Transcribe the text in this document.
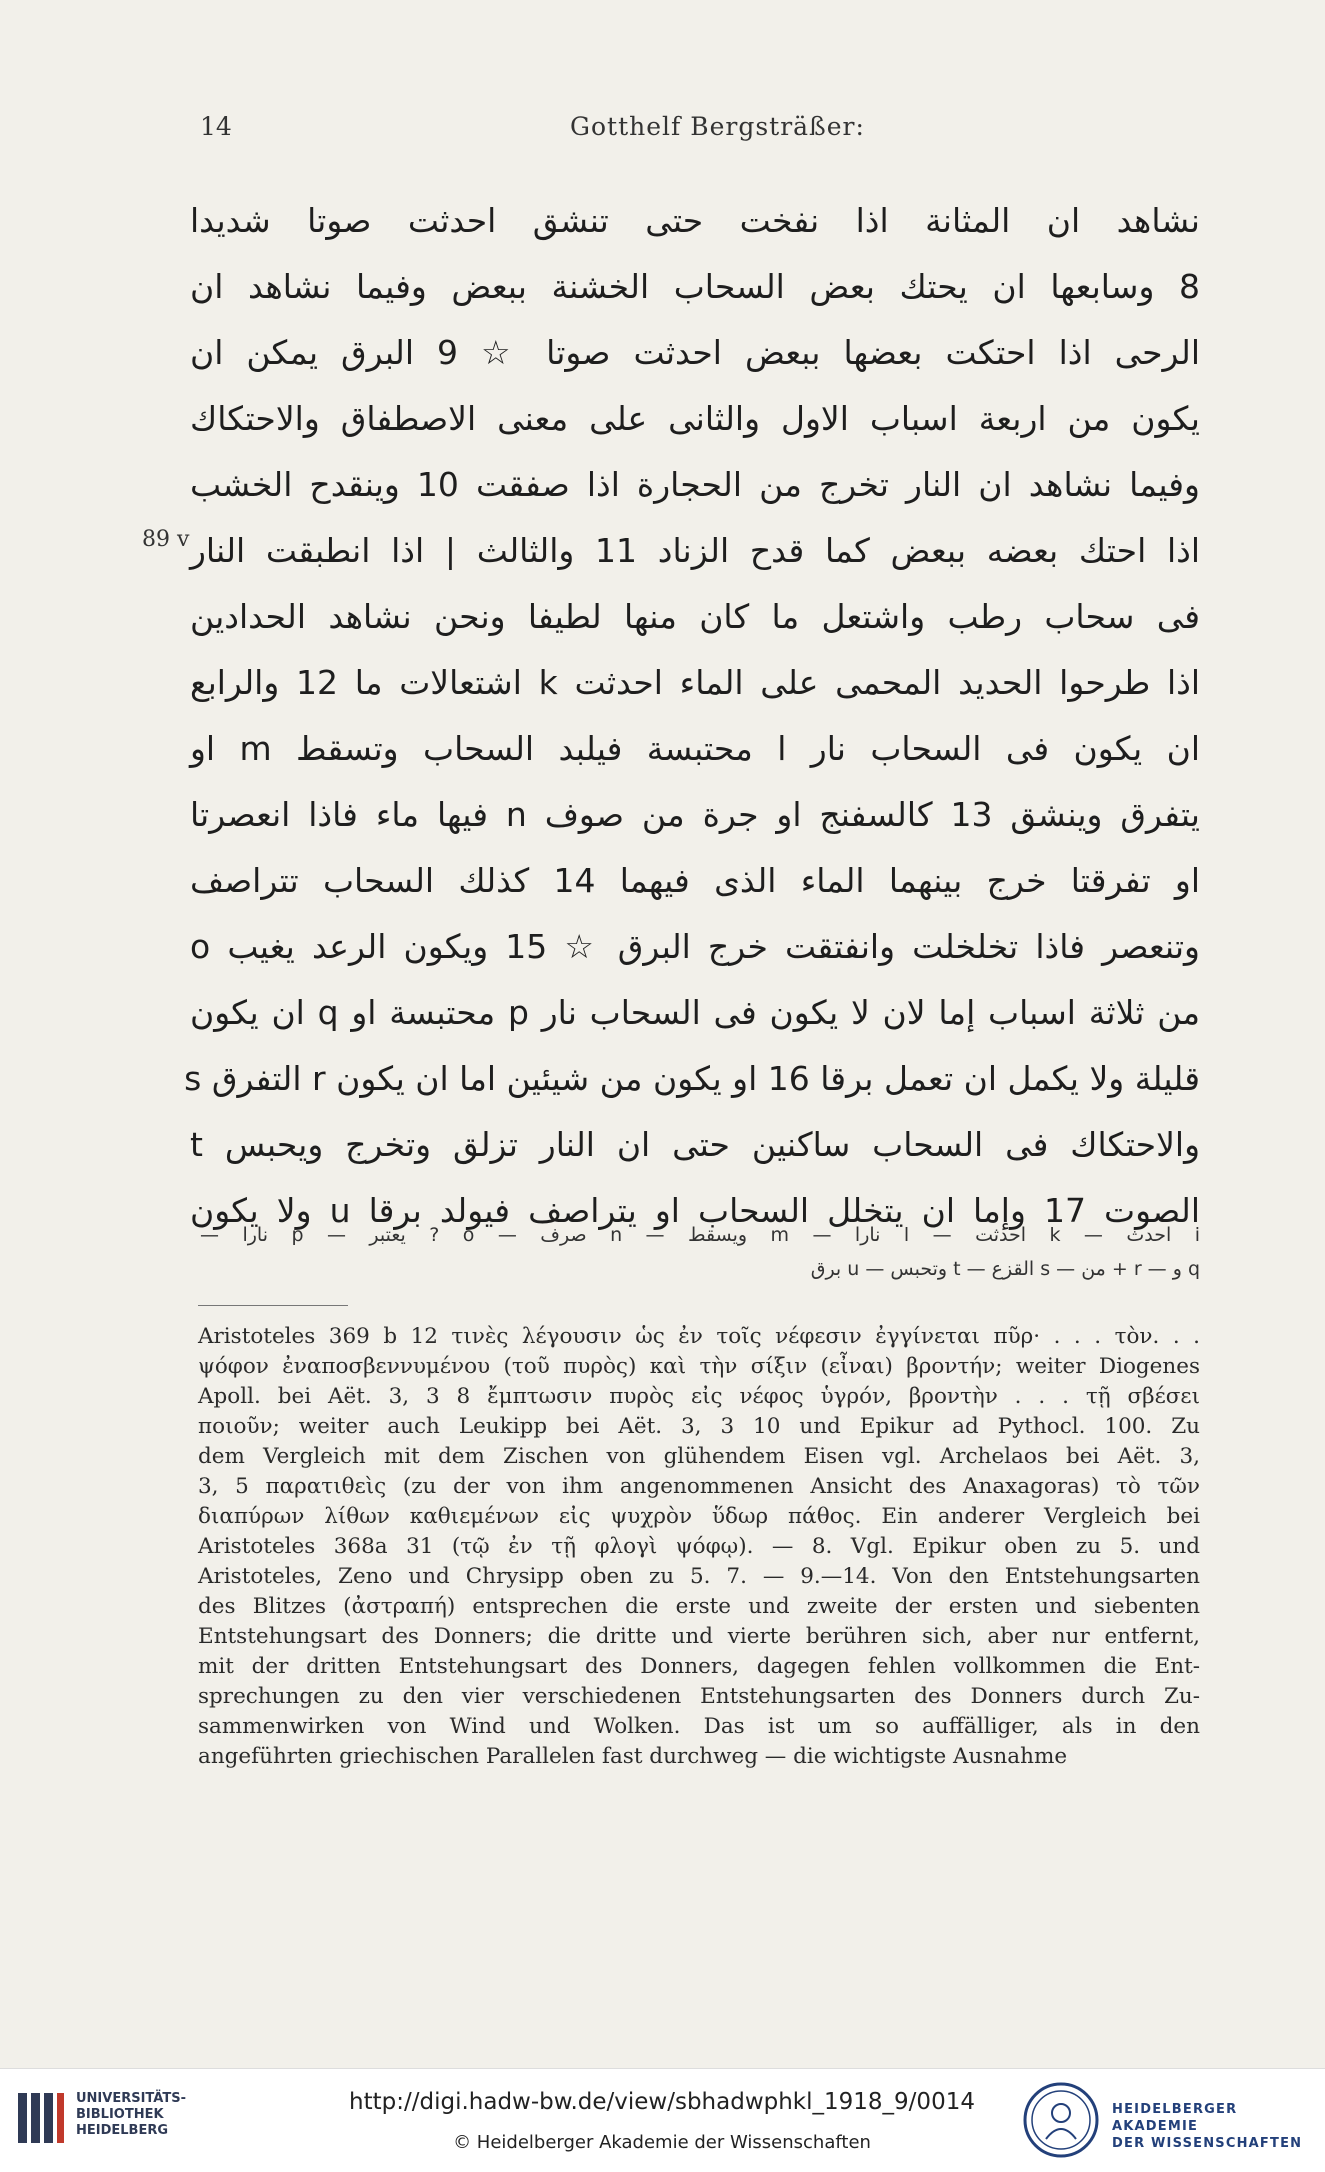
14	Gotthelf Bergsträßer:
نشاهد ان المثانة اذا نفخت حتى تنشق احدثت صوتا شديدا
8 وسابعها ان يحتك بعض السحاب الخشنة ببعض وفيما نشاهد ان
الرحى اذا احتكت بعضها ببعض احدثت صوتا ☆ 9 البرق يمكن ان
يكون من اربعة اسباب الاول والثانى على معنى الاصطفاق والاحتكاك
وفيما نشاهد ان النار تخرج من الحجارة اذا صفقت 10 وينقدح الخشب
اذا احتك بعضه ببعض كما قدح الزناد 11 والثالث | اذا انطبقت النار
فى سحاب رطب واشتعل ما كان منها لطيفا ونحن نشاهد الحدادين
اذا طرحوا الحديد المحمى على الماء احدثت k اشتعالات ما 12 والرابع
ان يكون فى السحاب نار l محتبسة فيلبد السحاب وتسقط m او
يتفرق وينشق 13 كالسفنج او جرة من صوف n فيها ماء فاذا انعصرتا
او تفرقتا خرج بينهما الماء الذى فيهما 14 كذلك السحاب تتراصف
وتنعصر فاذا تخلخلت وانفتقت خرج البرق ☆ 15 ويكون الرعد يغيب o
من ثلاثة اسباب إما لان لا يكون فى السحاب نار p محتبسة او q ان يكون
قليلة ولا يكمل ان تعمل برقا 16 او يكون من شيئين اما ان يكون r التفرق s
والاحتكاك فى السحاب ساكنين حتى ان النار تزلق وتخرج ويحبس t
الصوت 17 وإما ان يتخلل السحاب او يتراصف فيولد برقا u ولا يكون
89 v
i احدث — k احدثت — l نارا — m ويسقط — n صرف — o ? يعتبر — p نارا —
q و — r + من — s القزع — t وتحبس — u برق
Aristoteles 369 b 12 τινὲς λέγουσιν ὡς ἐν τοῖς νέφεσιν ἐγγίνεται πῦρ· . . . τὸν. . .
ψόφον ἐναποσβεννυμένου (τοῦ πυρὸς) καὶ τὴν σίξιν (εἶναι) βροντήν; weiter Diogenes
Apoll. bei Aët. 3, 3 8 ἔμπτωσιν πυρὸς εἰς νέφος ὑγρόν, βροντὴν . . . τῇ σβέσει
ποιοῦν; weiter auch Leukipp bei Aët. 3, 3 10 und Epikur ad Pythocl. 100. Zu
dem Vergleich mit dem Zischen von glühendem Eisen vgl. Archelaos bei Aët. 3,
3, 5 παρατιθεὶς (zu der von ihm angenommenen Ansicht des Anaxagoras) τὸ τῶν
διαπύρων λίθων καθιεμένων εἰς ψυχρὸν ὕδωρ πάθος. Ein anderer Vergleich bei
Aristoteles 368a 31 (τῷ ἐν τῇ φλογὶ ψόφῳ). — 8. Vgl. Epikur oben zu 5. und
Aristoteles, Zeno und Chrysipp oben zu 5. 7. — 9.—14. Von den Entstehungsarten
des Blitzes (ἀστραπή) entsprechen die erste und zweite der ersten und siebenten
Entstehungsart des Donners; die dritte und vierte berühren sich, aber nur entfernt,
mit der dritten Entstehungsart des Donners, dagegen fehlen vollkommen die Ent-
sprechungen zu den vier verschiedenen Entstehungsarten des Donners durch Zu-
sammenwirken von Wind und Wolken. Das ist um so auffälliger, als in den
angeführten griechischen Parallelen fast durchweg — die wichtigste Ausnahme
UNIVERSITÄTS-
BIBLIOTHEK
HEIDELBERG
http://digi.hadw-bw.de/view/sbhadwphkl_1918_9/0014
© Heidelberger Akademie der Wissenschaften
HEIDELBERGER AKADEMIE
DER WISSENSCHAFTEN
